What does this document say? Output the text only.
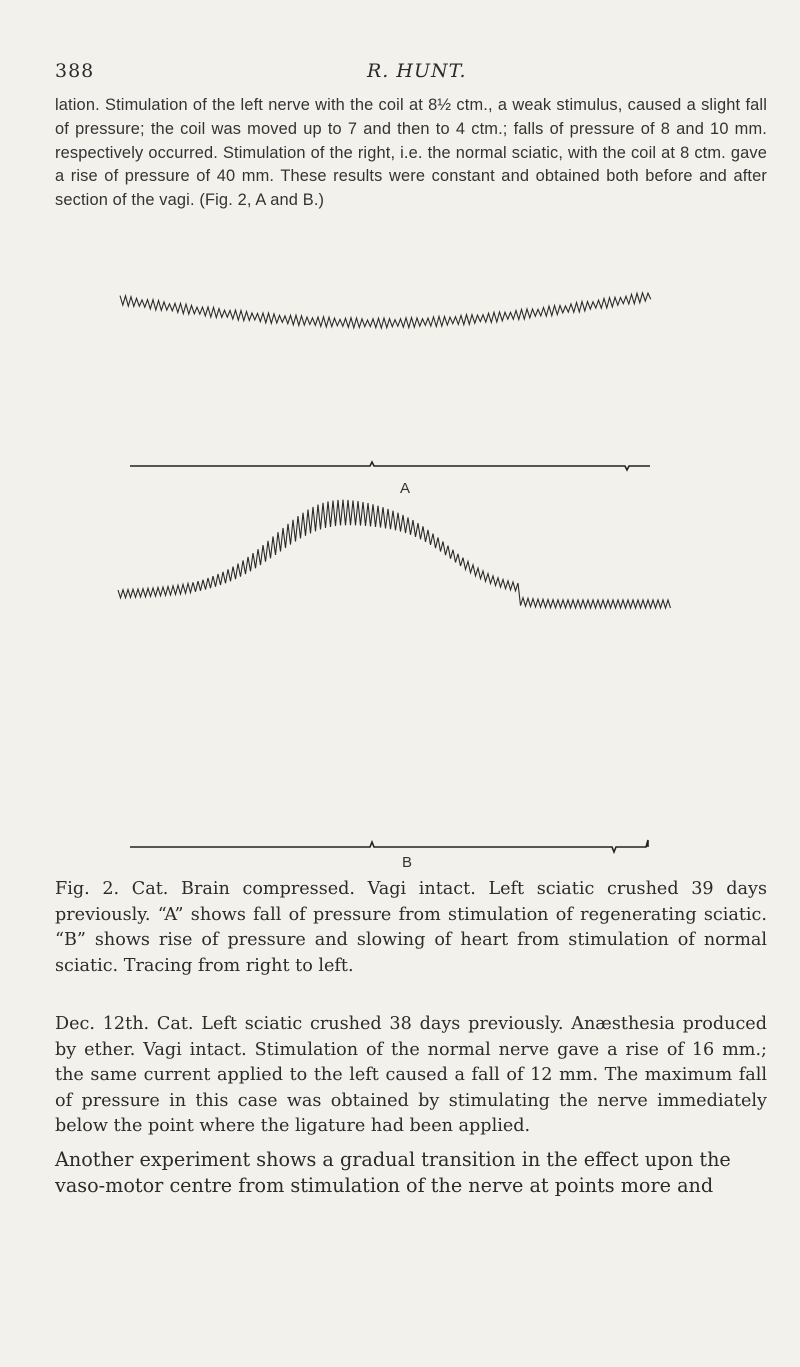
388	R. HUNT.

lation. Stimulation of the left nerve with the coil at 8½ ctm., a weak stimulus, caused a slight fall of pressure; the coil was moved up to 7 and then to 4 ctm.; falls of pressure of 8 and 10 mm. respectively occurred. Stimulation of the right, i.e. the normal sciatic, with the coil at 8 ctm. gave a rise of pressure of 40 mm. These results were constant and obtained both before and after section of the vagi. (Fig. 2, A and B.)

A
B

Fig. 2. Cat. Brain compressed. Vagi intact. Left sciatic crushed 39 days previously. “A” shows fall of pressure from stimulation of regenerating sciatic. “B” shows rise of pressure and slowing of heart from stimulation of normal sciatic. Tracing from right to left.

Dec. 12th. Cat. Left sciatic crushed 38 days previously. Anæsthesia produced by ether. Vagi intact. Stimulation of the normal nerve gave a rise of 16 mm.; the same current applied to the left caused a fall of 12 mm. The maximum fall of pressure in this case was obtained by stimulating the nerve immediately below the point where the ligature had been applied.

Another experiment shows a gradual transition in the effect upon the vaso-motor centre from stimulation of the nerve at points more and
